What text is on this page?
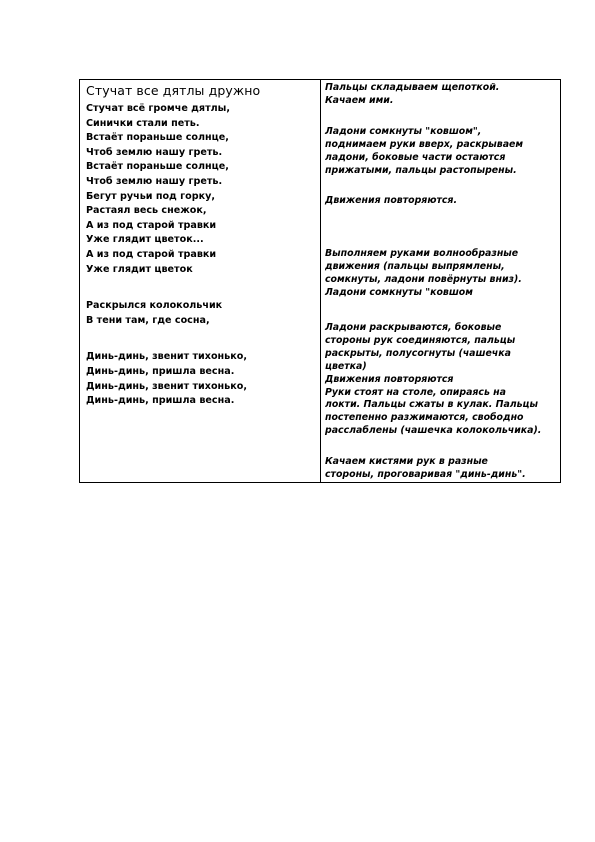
Стучат все дятлы дружно
Стучат всё громче дятлы,
Синички стали петь.
Встаёт пораньше солнце,
Чтоб землю нашу греть.
Встаёт пораньше солнце,
Чтоб землю нашу греть.
Бегут ручьи под горку,
Растаял весь снежок,
А из под старой травки
Уже глядит цветок...
А из под старой травки
Уже глядит цветок
Раскрылся колокольчик
В тени там, где сосна,
Динь-динь, звенит тихонько,
Динь-динь, пришла весна.
Динь-динь, звенит тихонько,
Динь-динь, пришла весна.

Пальцы складываем щепоткой.
Качаем ими.
Ладони сомкнуты "ковшом",
поднимаем руки вверх, раскрываем
ладони, боковые части остаются
прижатыми, пальцы растопырены.
Движения повторяются.
Выполняем руками волнообразные
движения (пальцы выпрямлены,
сомкнуты, ладони повёрнуты вниз).
Ладони сомкнуты "ковшом
Ладони раскрываются, боковые
стороны рук соединяются, пальцы
раскрыты, полусогнуты (чашечка
цветка)
Движения повторяются
Руки стоят на столе, опираясь на
локти. Пальцы сжаты в кулак. Пальцы
постепенно разжимаются, свободно
расслаблены (чашечка колокольчика).
Качаем кистями рук в разные
стороны, проговаривая "динь-динь".
